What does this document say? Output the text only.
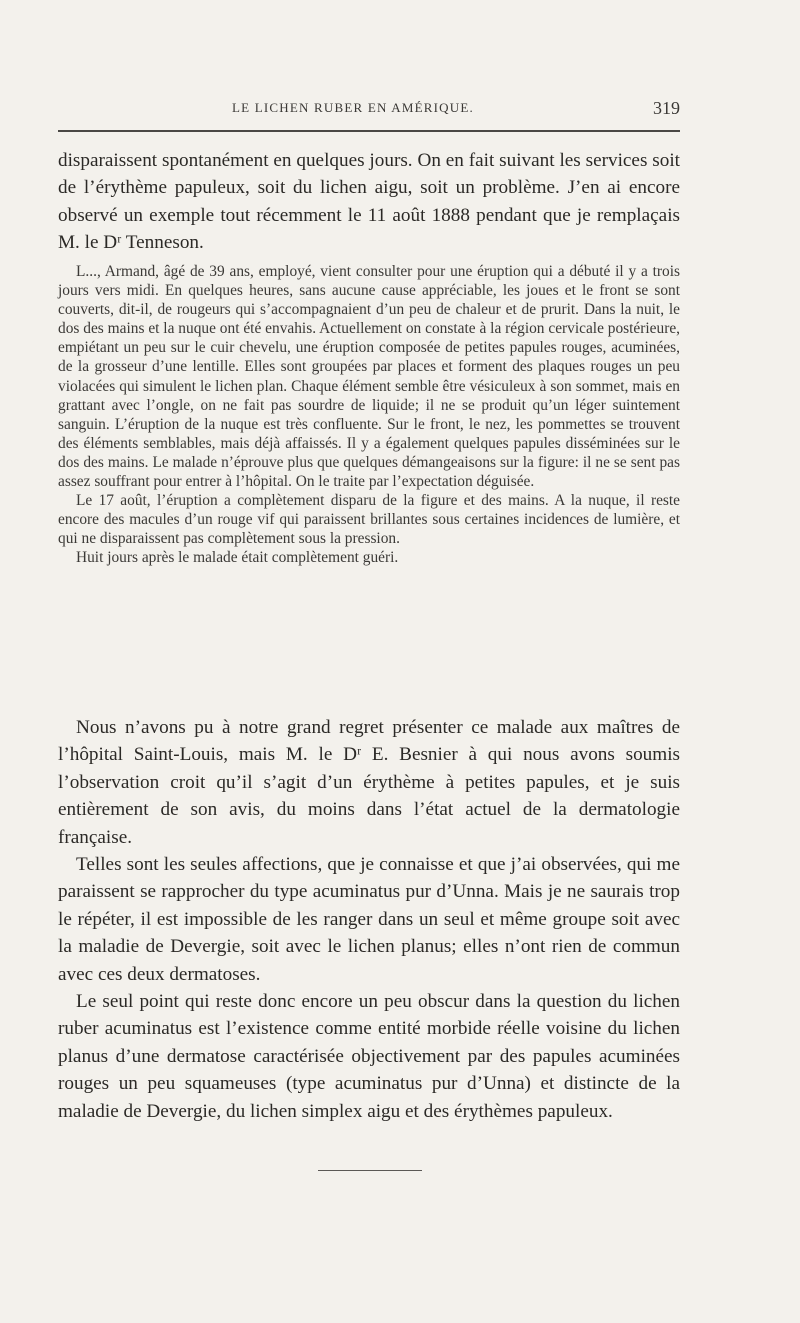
LE LICHEN RUBER EN AMÉRIQUE.	319

disparaissent spontanément en quelques jours. On en fait suivant les services soit de l’érythème papuleux, soit du lichen aigu, soit un problème. J’en ai encore observé un exemple tout récemment le 11 août 1888 pendant que je remplaçais M. le Dʳ Tenneson.

L..., Armand, âgé de 39 ans, employé, vient consulter pour une éruption qui a débuté il y a trois jours vers midi. En quelques heures, sans aucune cause appréciable, les joues et le front se sont couverts, dit-il, de rougeurs qui s’accompagnaient d’un peu de chaleur et de prurit. Dans la nuit, le dos des mains et la nuque ont été envahis. Actuellement on constate à la région cervicale postérieure, empiétant un peu sur le cuir chevelu, une éruption composée de petites papules rouges, acuminées, de la grosseur d’une lentille. Elles sont groupées par places et forment des plaques rouges un peu violacées qui simulent le lichen plan. Chaque élément semble être vésiculeux à son sommet, mais en grattant avec l’ongle, on ne fait pas sourdre de liquide; il ne se produit qu’un léger suintement sanguin. L’éruption de la nuque est très confluente. Sur le front, le nez, les pommettes se trouvent des éléments semblables, mais déjà affaissés. Il y a également quelques papules disséminées sur le dos des mains. Le malade n’éprouve plus que quelques démangeaisons sur la figure: il ne se sent pas assez souffrant pour entrer à l’hôpital. On le traite par l’expectation déguisée.

Le 17 août, l’éruption a complètement disparu de la figure et des mains. A la nuque, il reste encore des macules d’un rouge vif qui paraissent brillantes sous certaines incidences de lumière, et qui ne disparaissent pas complètement sous la pression.

Huit jours après le malade était complètement guéri.

Nous n’avons pu à notre grand regret présenter ce malade aux maîtres de l’hôpital Saint-Louis, mais M. le Dʳ E. Besnier à qui nous avons soumis l’observation croit qu’il s’agit d’un érythème à petites papules, et je suis entièrement de son avis, du moins dans l’état actuel de la dermatologie française.

Telles sont les seules affections, que je connaisse et que j’ai observées, qui me paraissent se rapprocher du type acuminatus pur d’Unna. Mais je ne saurais trop le répéter, il est impossible de les ranger dans un seul et même groupe soit avec la maladie de Devergie, soit avec le lichen planus; elles n’ont rien de commun avec ces deux dermatoses.

Le seul point qui reste donc encore un peu obscur dans la question du lichen ruber acuminatus est l’existence comme entité morbide réelle voisine du lichen planus d’une dermatose caractérisée objectivement par des papules acuminées rouges un peu squameuses (type acuminatus pur d’Unna) et distincte de la maladie de Devergie, du lichen simplex aigu et des érythèmes papuleux.
